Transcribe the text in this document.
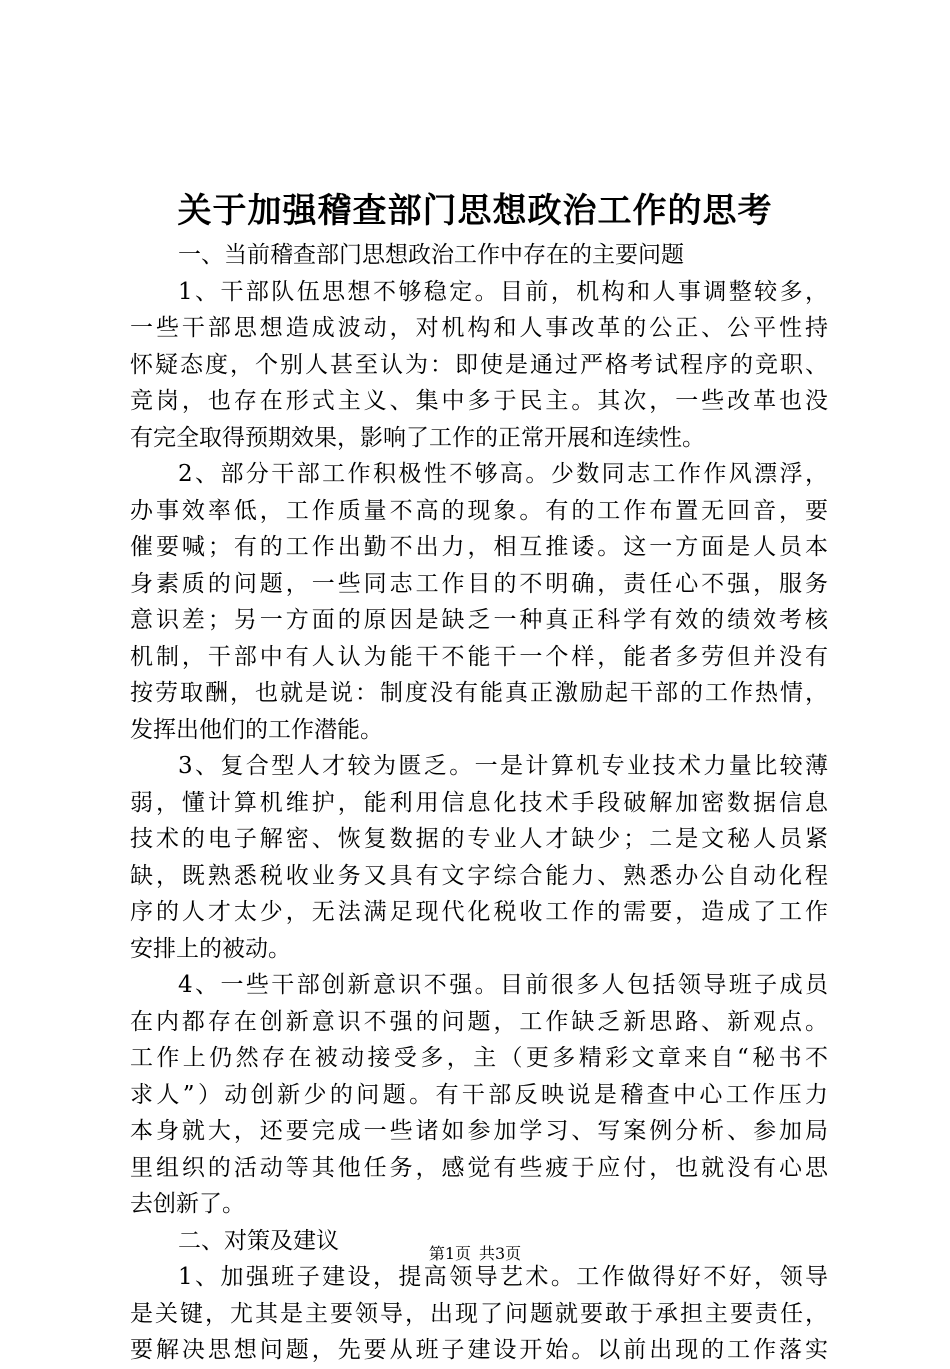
关于加强稽查部门思想政治工作的思考
一、当前稽查部门思想政治工作中存在的主要问题
1、干部队伍思想不够稳定。目前，机构和人事调整较多，
一些干部思想造成波动，对机构和人事改革的公正、公平性持
怀疑态度，个别人甚至认为：即使是通过严格考试程序的竞职、
竞岗，也存在形式主义、集中多于民主。其次，一些改革也没
有完全取得预期效果，影响了工作的正常开展和连续性。
2、部分干部工作积极性不够高。少数同志工作作风漂浮，
办事效率低，工作质量不高的现象。有的工作布置无回音，要
催要喊；有的工作出勤不出力，相互推诿。这一方面是人员本
身素质的问题，一些同志工作目的不明确，责任心不强，服务
意识差；另一方面的原因是缺乏一种真正科学有效的绩效考核
机制，干部中有人认为能干不能干一个样，能者多劳但并没有
按劳取酬，也就是说：制度没有能真正激励起干部的工作热情，
发挥出他们的工作潜能。
3、复合型人才较为匮乏。一是计算机专业技术力量比较薄
弱，懂计算机维护，能利用信息化技术手段破解加密数据信息
技术的电子解密、恢复数据的专业人才缺少；二是文秘人员紧
缺，既熟悉税收业务又具有文字综合能力、熟悉办公自动化程
序的人才太少，无法满足现代化税收工作的需要，造成了工作
安排上的被动。
4、一些干部创新意识不强。目前很多人包括领导班子成员
在内都存在创新意识不强的问题，工作缺乏新思路、新观点。
工作上仍然存在被动接受多，主（更多精彩文章来自“秘书不
求人”）动创新少的问题。有干部反映说是稽查中心工作压力
本身就大，还要完成一些诸如参加学习、写案例分析、参加局
里组织的活动等其他任务，感觉有些疲于应付，也就没有心思
去创新了。
二、对策及建议
1、加强班子建设，提高领导艺术。工作做得好不好，领导
是关键，尤其是主要领导，出现了问题就要敢于承担主要责任，
要解决思想问题，先要从班子建设开始。以前出现的工作落实
第1页 共3页
